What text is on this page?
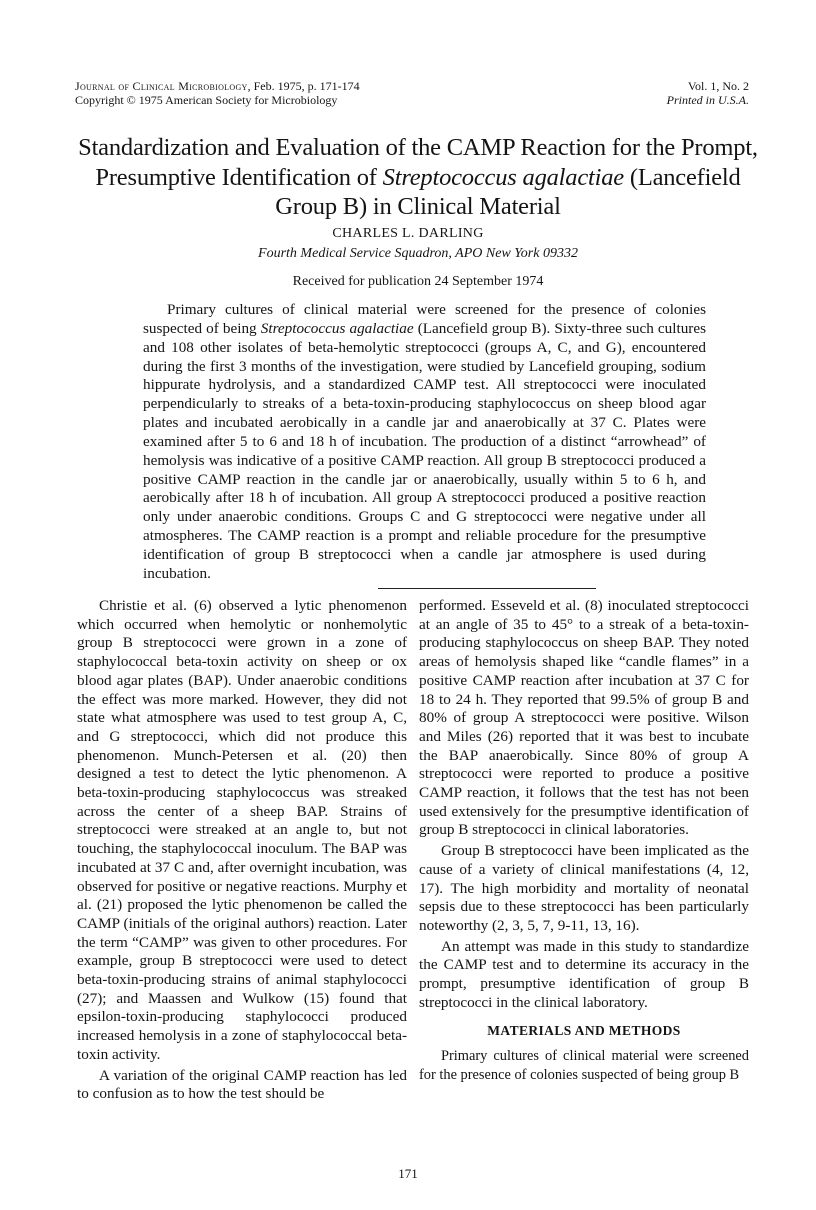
Journal of Clinical Microbiology, Feb. 1975, p. 171-174
Copyright © 1975 American Society for Microbiology
Vol. 1, No. 2
Printed in U.S.A.
Standardization and Evaluation of the CAMP Reaction for the Prompt, Presumptive Identification of Streptococcus agalactiae (Lancefield Group B) in Clinical Material
CHARLES L. DARLING
Fourth Medical Service Squadron, APO New York 09332
Received for publication 24 September 1974

Primary cultures of clinical material were screened for the presence of colonies suspected of being Streptococcus agalactiae (Lancefield group B). Sixty-three such cultures and 108 other isolates of beta-hemolytic streptococci (groups A, C, and G), encountered during the first 3 months of the investigation, were studied by Lancefield grouping, sodium hippurate hydrolysis, and a standardized CAMP test. All streptococci were inoculated perpendicularly to streaks of a beta-toxin-producing staphylococcus on sheep blood agar plates and incubated aerobically in a candle jar and anaerobically at 37 C. Plates were examined after 5 to 6 and 18 h of incubation. The production of a distinct “arrowhead” of hemolysis was indicative of a positive CAMP reaction. All group B streptococci produced a positive CAMP reaction in the candle jar or anaerobically, usually within 5 to 6 h, and aerobically after 18 h of incubation. All group A streptococci produced a positive reaction only under anaerobic conditions. Groups C and G streptococci were negative under all atmospheres. The CAMP reaction is a prompt and reliable procedure for the presumptive identification of group B streptococci when a candle jar atmosphere is used during incubation.

Christie et al. (6) observed a lytic phenomenon which occurred when hemolytic or nonhemolytic group B streptococci were grown in a zone of staphylococcal beta-toxin activity on sheep or ox blood agar plates (BAP). Under anaerobic conditions the effect was more marked. However, they did not state what atmosphere was used to test group A, C, and G streptococci, which did not produce this phenomenon. Munch-Petersen et al. (20) then designed a test to detect the lytic phenomenon. A beta-toxin-producing staphylococcus was streaked across the center of a sheep BAP. Strains of streptococci were streaked at an angle to, but not touching, the staphylococcal inoculum. The BAP was incubated at 37 C and, after overnight incubation, was observed for positive or negative reactions. Murphy et al. (21) proposed the lytic phenomenon be called the CAMP (initials of the original authors) reaction. Later the term “CAMP” was given to other procedures. For example, group B streptococci were used to detect beta-toxin-producing strains of animal staphylococci (27); and Maassen and Wulkow (15) found that epsilon-toxin-producing staphylococci produced increased hemolysis in a zone of staphylococcal beta-toxin activity.

A variation of the original CAMP reaction has led to confusion as to how the test should be

performed. Esseveld et al. (8) inoculated streptococci at an angle of 35 to 45° to a streak of a beta-toxin-producing staphylococcus on sheep BAP. They noted areas of hemolysis shaped like “candle flames” in a positive CAMP reaction after incubation at 37 C for 18 to 24 h. They reported that 99.5% of group B and 80% of group A streptococci were positive. Wilson and Miles (26) reported that it was best to incubate the BAP anaerobically. Since 80% of group A streptococci were reported to produce a positive CAMP reaction, it follows that the test has not been used extensively for the presumptive identification of group B streptococci in clinical laboratories.

Group B streptococci have been implicated as the cause of a variety of clinical manifestations (4, 12, 17). The high morbidity and mortality of neonatal sepsis due to these streptococci has been particularly noteworthy (2, 3, 5, 7, 9-11, 13, 16).

An attempt was made in this study to standardize the CAMP test and to determine its accuracy in the prompt, presumptive identification of group B streptococci in the clinical laboratory.

MATERIALS AND METHODS

Primary cultures of clinical material were screened for the presence of colonies suspected of being group B

171
